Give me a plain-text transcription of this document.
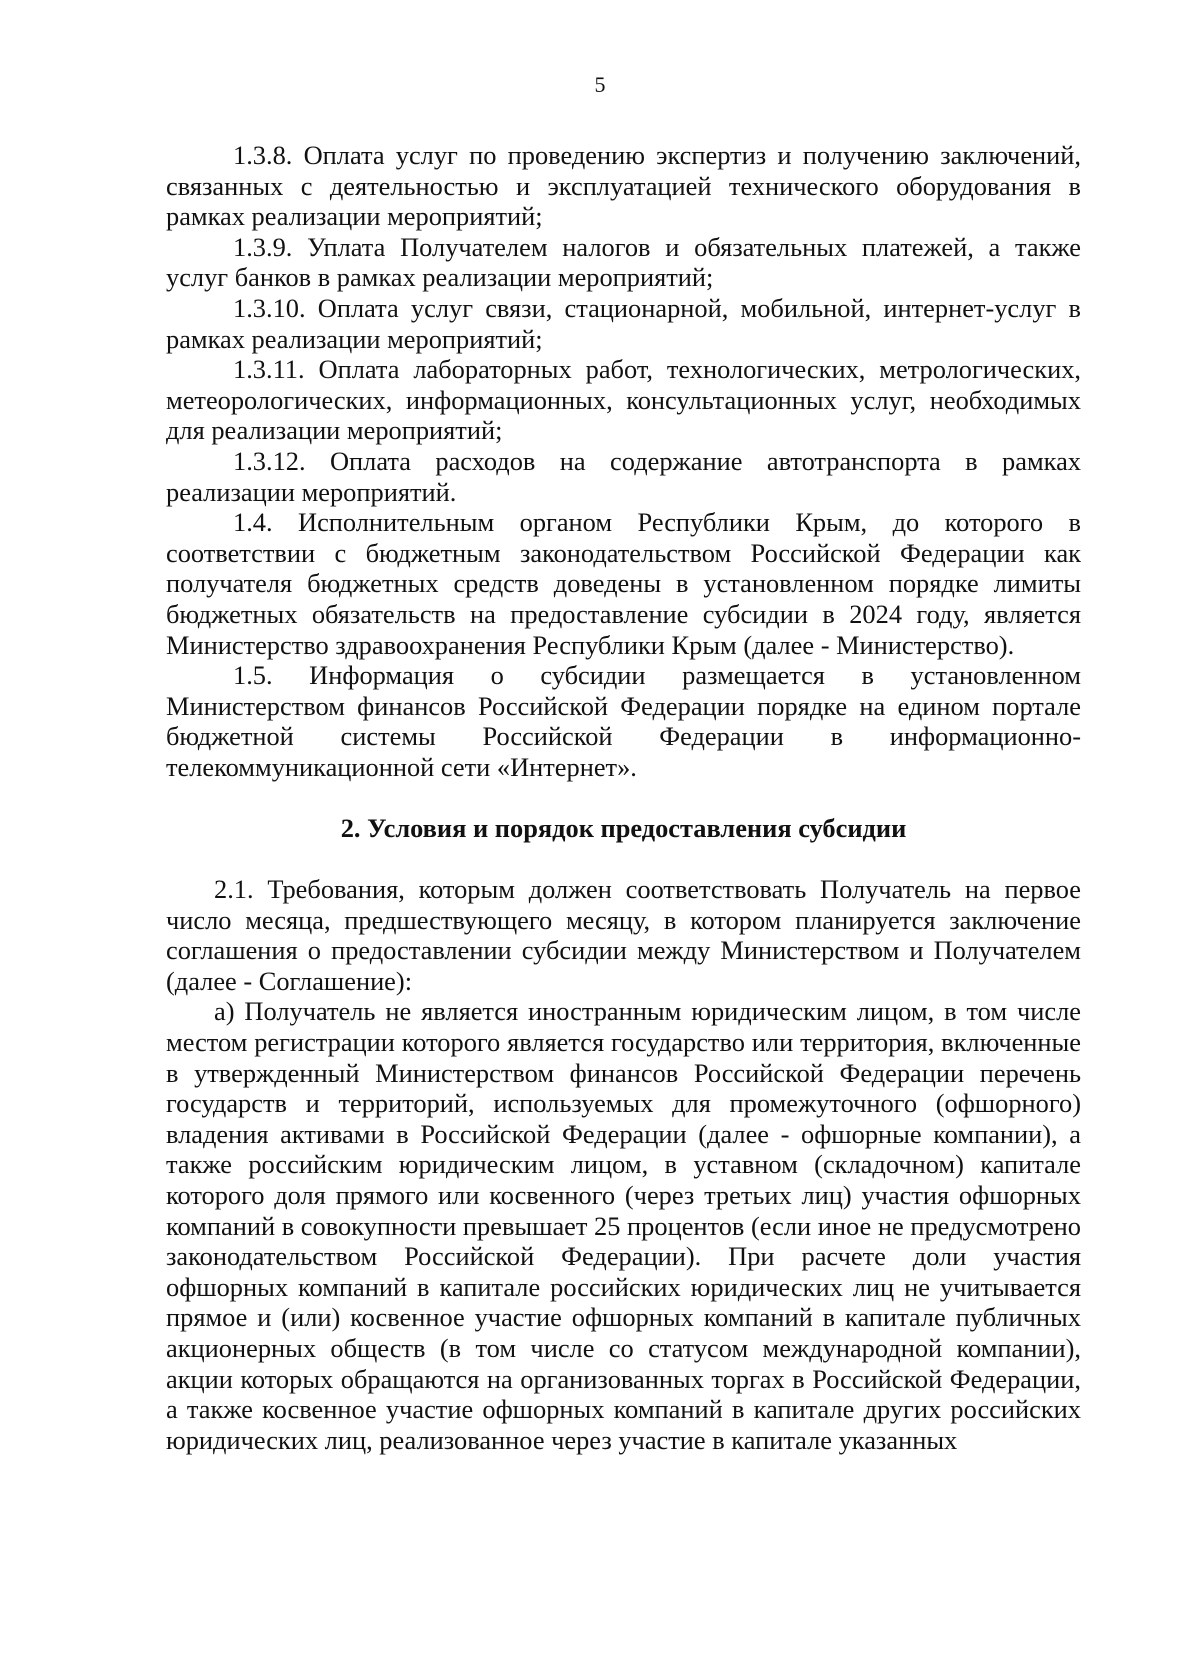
5

1.3.8. Оплата услуг по проведению экспертиз и получению заключений, связанных с деятельностью и эксплуатацией технического оборудования в рамках реализации мероприятий;

1.3.9. Уплата Получателем налогов и обязательных платежей, а также услуг банков в рамках реализации мероприятий;

1.3.10. Оплата услуг связи, стационарной, мобильной, интернет-услуг в рамках реализации мероприятий;

1.3.11. Оплата лабораторных работ, технологических, метрологических, метеорологических, информационных, консультационных услуг, необходимых для реализации мероприятий;

1.3.12. Оплата расходов на содержание автотранспорта в рамках реализации мероприятий.

1.4. Исполнительным органом Республики Крым, до которого в соответствии с бюджетным законодательством Российской Федерации как получателя бюджетных средств доведены в установленном порядке лимиты бюджетных обязательств на предоставление субсидии в 2024 году, является Министерство здравоохранения Республики Крым (далее - Министерство).

1.5. Информация о субсидии размещается в установленном Министерством финансов Российской Федерации порядке на едином портале бюджетной системы Российской Федерации в информационно-телекоммуникационной сети «Интернет».

2. Условия и порядок предоставления субсидии

2.1. Требования, которым должен соответствовать Получатель на первое число месяца, предшествующего месяцу, в котором планируется заключение соглашения о предоставлении субсидии между Министерством и Получателем (далее - Соглашение):

а) Получатель не является иностранным юридическим лицом, в том числе местом регистрации которого является государство или территория, включенные в утвержденный Министерством финансов Российской Федерации перечень государств и территорий, используемых для промежуточного (офшорного) владения активами в Российской Федерации (далее - офшорные компании), а также российским юридическим лицом, в уставном (складочном) капитале которого доля прямого или косвенного (через третьих лиц) участия офшорных компаний в совокупности превышает 25 процентов (если иное не предусмотрено законодательством Российской Федерации). При расчете доли участия офшорных компаний в капитале российских юридических лиц не учитывается прямое и (или) косвенное участие офшорных компаний в капитале публичных акционерных обществ (в том числе со статусом международной компании), акции которых обращаются на организованных торгах в Российской Федерации, а также косвенное участие офшорных компаний в капитале других российских юридических лиц, реализованное через участие в капитале указанных
